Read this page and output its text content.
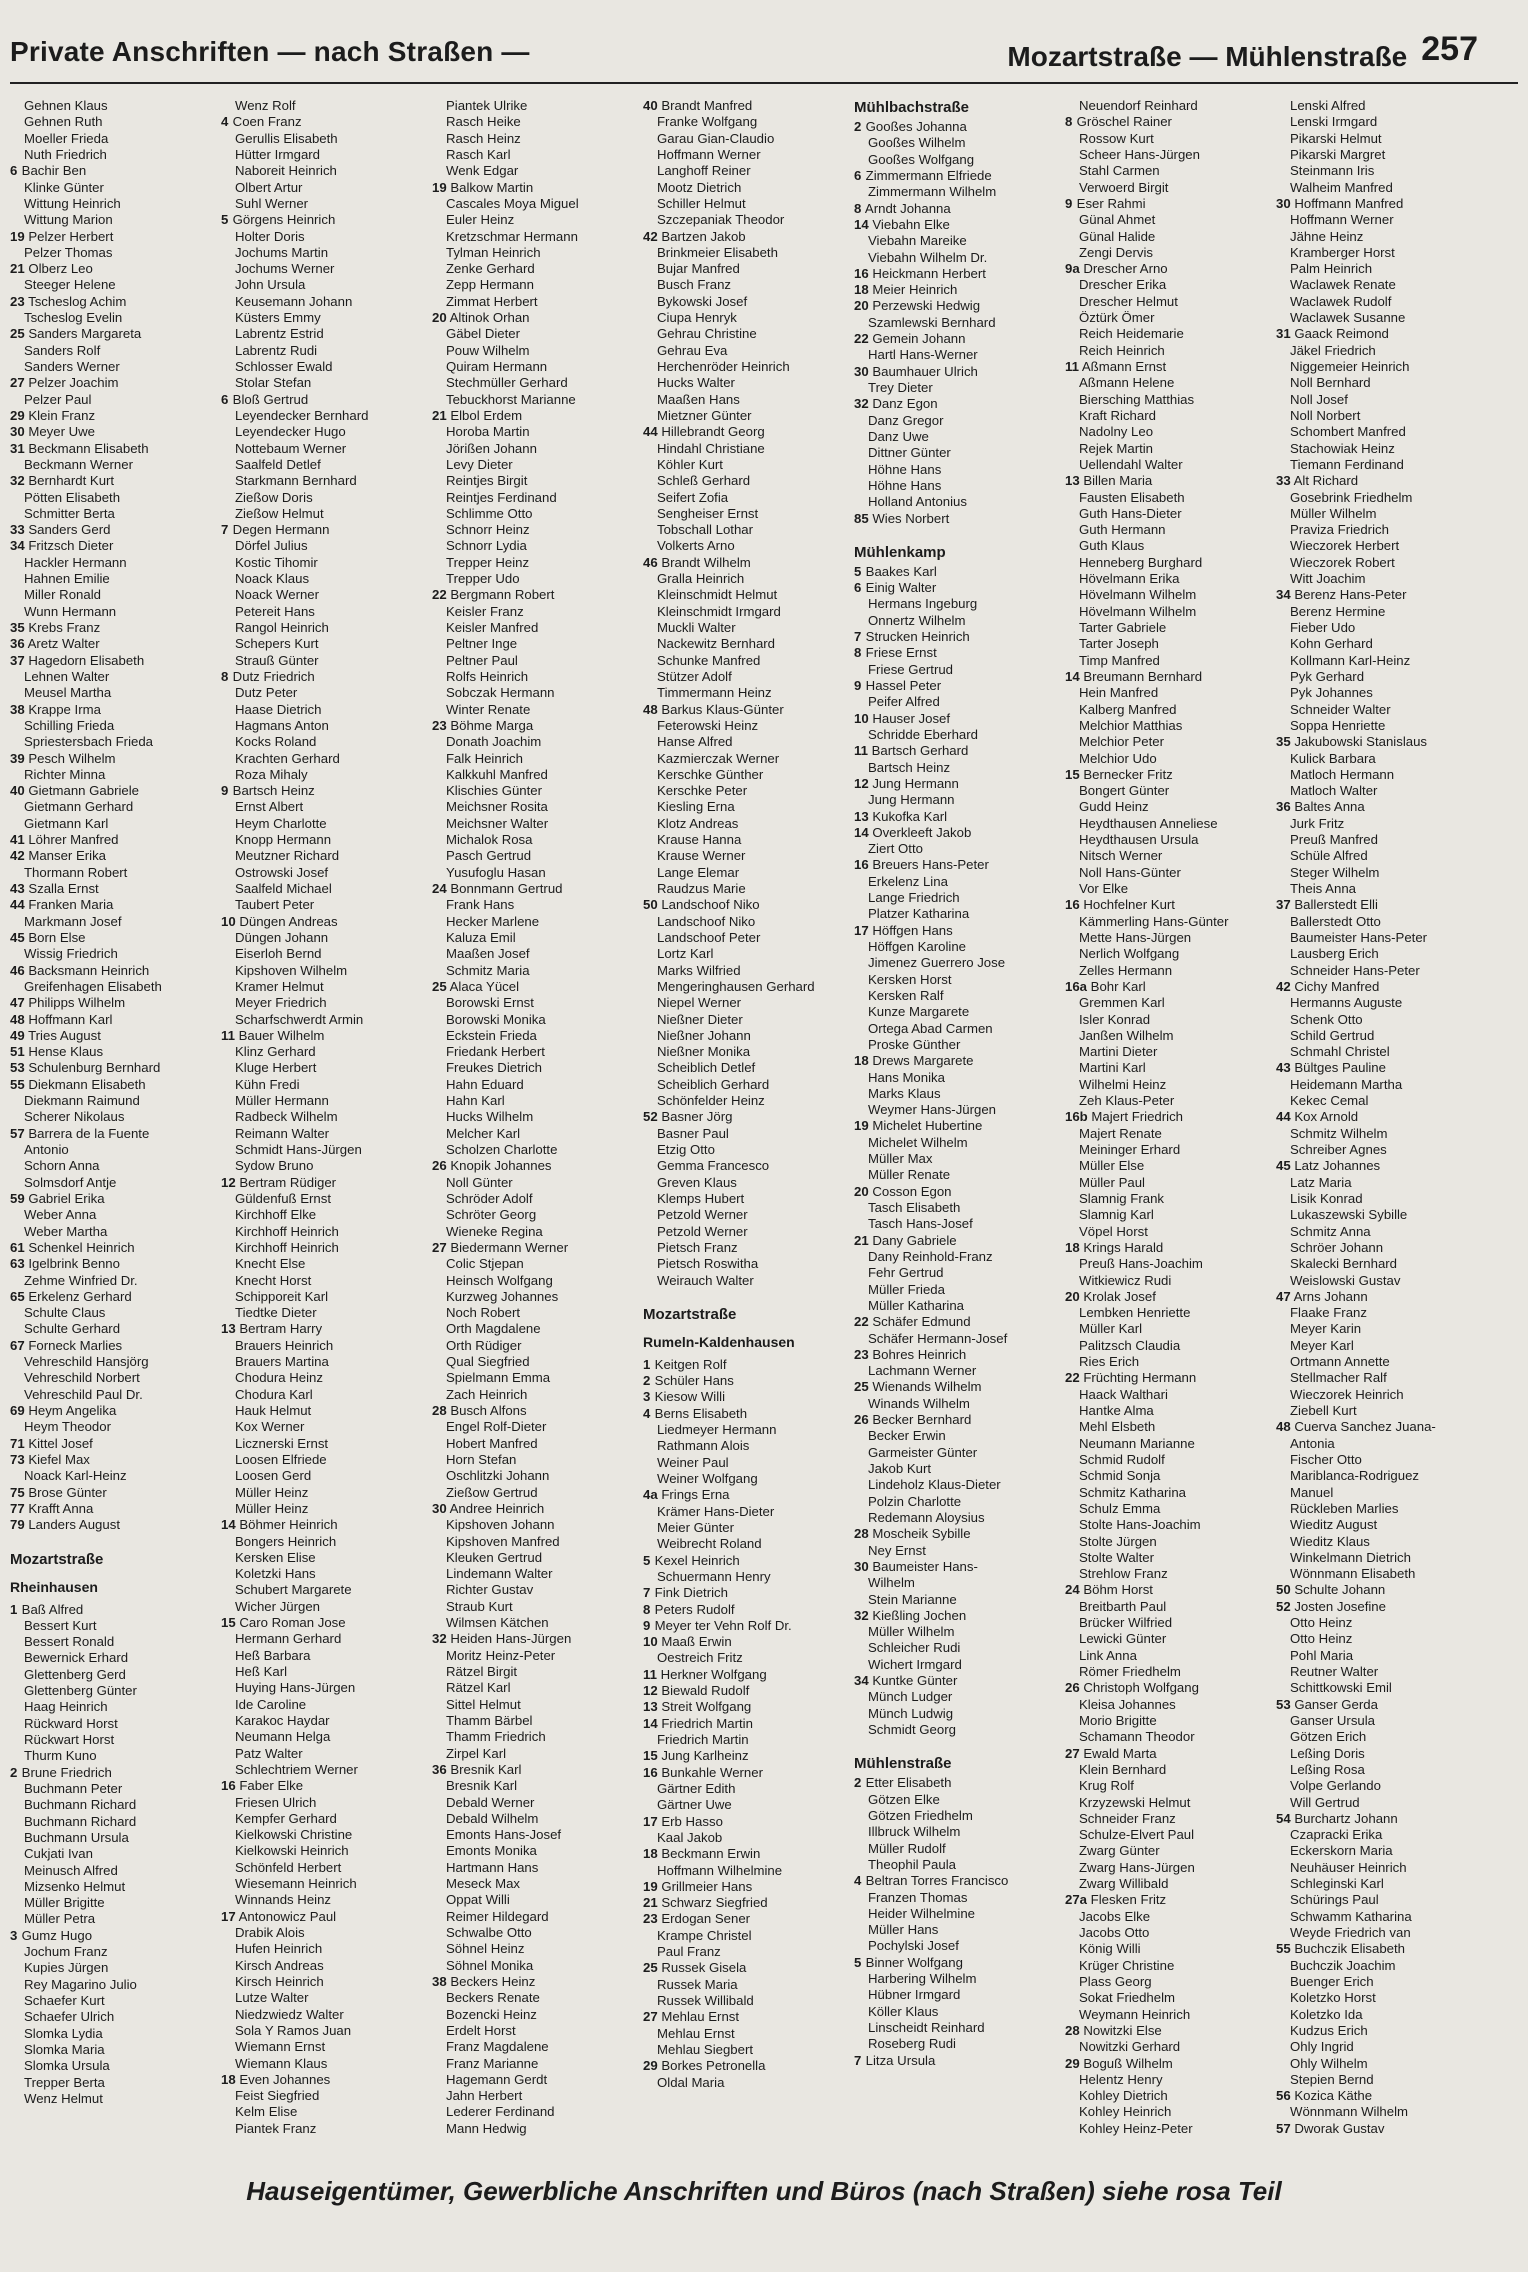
Private Anschriften — nach Straßen —	Mozartstraße — Mühlenstraße 257
Gehnen Klaus
Gehnen Ruth
Moeller Frieda
Nuth Friedrich
6 Bachir Ben
Klinke Günter
Wittung Heinrich
Wittung Marion
19 Pelzer Herbert
Pelzer Thomas
21 Olberz Leo
Steeger Helene
23 Tscheslog Achim
Tscheslog Evelin
25 Sanders Margareta
Sanders Rolf
Sanders Werner
27 Pelzer Joachim
Pelzer Paul
29 Klein Franz
30 Meyer Uwe
31 Beckmann Elisabeth
Beckmann Werner
32 Bernhardt Kurt
Pötten Elisabeth
Schmitter Berta
33 Sanders Gerd
34 Fritzsch Dieter
Hackler Hermann
Hahnen Emilie
Miller Ronald
Wunn Hermann
35 Krebs Franz
36 Aretz Walter
37 Hagedorn Elisabeth
Lehnen Walter
Meusel Martha
38 Krappe Irma
Schilling Frieda
Spriestersbach Frieda
39 Pesch Wilhelm
Richter Minna
40 Gietmann Gabriele
Gietmann Gerhard
Gietmann Karl
41 Löhrer Manfred
42 Manser Erika
Thormann Robert
43 Szalla Ernst
44 Franken Maria
Markmann Josef
45 Born Else
Wissig Friedrich
46 Backsmann Heinrich
Greifenhagen Elisabeth
47 Philipps Wilhelm
48 Hoffmann Karl
49 Tries August
51 Hense Klaus
53 Schulenburg Bernhard
55 Diekmann Elisabeth
Diekmann Raimund
Scherer Nikolaus
57 Barrera de la Fuente
Antonio
Schorn Anna
Solmsdorf Antje
59 Gabriel Erika
Weber Anna
Weber Martha
61 Schenkel Heinrich
63 Igelbrink Benno
Zehme Winfried Dr.
65 Erkelenz Gerhard
Schulte Claus
Schulte Gerhard
67 Forneck Marlies
Vehreschild Hansjörg
Vehreschild Norbert
Vehreschild Paul Dr.
69 Heym Angelika
Heym Theodor
71 Kittel Josef
73 Kiefel Max
Noack Karl-Heinz
75 Brose Günter
77 Krafft Anna
79 Landers August
Mozartstraße
Rheinhausen
1 Baß Alfred
Bessert Kurt
Bessert Ronald
Bewernick Erhard
Glettenberg Gerd
Glettenberg Günter
Haag Heinrich
Rückward Horst
Rückwart Horst
Thurm Kuno
2 Brune Friedrich
Buchmann Peter
Buchmann Richard
Buchmann Richard
Buchmann Ursula
Cukjati Ivan
Meinusch Alfred
Mizsenko Helmut
Müller Brigitte
Müller Petra
3 Gumz Hugo
Jochum Franz
Kupies Jürgen
Rey Magarino Julio
Schaefer Kurt
Schaefer Ulrich
Slomka Lydia
Slomka Maria
Slomka Ursula
Trepper Berta
Wenz Helmut
Wenz Rolf
4 Coen Franz
Gerullis Elisabeth
Hütter Irmgard
Naboreit Heinrich
Olbert Artur
Suhl Werner
5 Görgens Heinrich
Holter Doris
Jochums Martin
Jochums Werner
John Ursula
Keusemann Johann
Küsters Emmy
Labrentz Estrid
Labrentz Rudi
Schlosser Ewald
Stolar Stefan
6 Bloß Gertrud
Leyendecker Bernhard
Leyendecker Hugo
Nottebaum Werner
Saalfeld Detlef
Starkmann Bernhard
Zießow Doris
Zießow Helmut
7 Degen Hermann
Dörfel Julius
Kostic Tihomir
Noack Klaus
Noack Werner
Petereit Hans
Rangol Heinrich
Schepers Kurt
Strauß Günter
8 Dutz Friedrich
Dutz Peter
Haase Dietrich
Hagmans Anton
Kocks Roland
Krachten Gerhard
Roza Mihaly
9 Bartsch Heinz
Ernst Albert
Heym Charlotte
Knopp Hermann
Meutzner Richard
Ostrowski Josef
Saalfeld Michael
Taubert Peter
10 Düngen Andreas
Düngen Johann
Eiserloh Bernd
Kipshoven Wilhelm
Kramer Helmut
Meyer Friedrich
Scharfschwerdt Armin
11 Bauer Wilhelm
Klinz Gerhard
Kluge Herbert
Kühn Fredi
Müller Hermann
Radbeck Wilhelm
Reimann Walter
Schmidt Hans-Jürgen
Sydow Bruno
12 Bertram Rüdiger
Güldenfuß Ernst
Kirchhoff Elke
Kirchhoff Heinrich
Kirchhoff Heinrich
Knecht Else
Knecht Horst
Schipporeit Karl
Tiedtke Dieter
13 Bertram Harry
Brauers Heinrich
Brauers Martina
Chodura Heinz
Chodura Karl
Hauk Helmut
Kox Werner
Licznerski Ernst
Loosen Elfriede
Loosen Gerd
Müller Heinz
Müller Heinz
14 Böhmer Heinrich
Bongers Heinrich
Kersken Elise
Koletzki Hans
Schubert Margarete
Wicher Jürgen
15 Caro Roman Jose
Hermann Gerhard
Heß Barbara
Heß Karl
Huying Hans-Jürgen
Ide Caroline
Karakoc Haydar
Neumann Helga
Patz Walter
Schlechtriem Werner
16 Faber Elke
Friesen Ulrich
Kempfer Gerhard
Kielkowski Christine
Kielkowski Heinrich
Schönfeld Herbert
Wiesemann Heinrich
Winnands Heinz
17 Antonowicz Paul
Drabik Alois
Hufen Heinrich
Kirsch Andreas
Kirsch Heinrich
Lutze Walter
Niedzwiedz Walter
Sola Y Ramos Juan
Wiemann Ernst
Wiemann Klaus
18 Even Johannes
Feist Siegfried
Kelm Elise
Piantek Franz
Piantek Ulrike
Rasch Heike
Rasch Heinz
Rasch Karl
Wenk Edgar
19 Balkow Martin
Cascales Moya Miguel
Euler Heinz
Kretzschmar Hermann
Tylman Heinrich
Zenke Gerhard
Zepp Hermann
Zimmat Herbert
20 Altinok Orhan
Gäbel Dieter
Pouw Wilhelm
Quiram Hermann
Stechmüller Gerhard
Tebuckhorst Marianne
21 Elbol Erdem
Horoba Martin
Jörißen Johann
Levy Dieter
Reintjes Birgit
Reintjes Ferdinand
Schlimme Otto
Schnorr Heinz
Schnorr Lydia
Trepper Heinz
Trepper Udo
22 Bergmann Robert
Keisler Franz
Keisler Manfred
Peltner Inge
Peltner Paul
Rolfs Heinrich
Sobczak Hermann
Winter Renate
23 Böhme Marga
Donath Joachim
Falk Heinrich
Kalkkuhl Manfred
Klischies Günter
Meichsner Rosita
Meichsner Walter
Michalok Rosa
Pasch Gertrud
Yusufoglu Hasan
24 Bonnmann Gertrud
Frank Hans
Hecker Marlene
Kaluza Emil
Maaßen Josef
Schmitz Maria
25 Alaca Yücel
Borowski Ernst
Borowski Monika
Eckstein Frieda
Friedank Herbert
Freukes Dietrich
Hahn Eduard
Hahn Karl
Hucks Wilhelm
Melcher Karl
Scholzen Charlotte
26 Knopik Johannes
Noll Günter
Schröder Adolf
Schröter Georg
Wieneke Regina
27 Biedermann Werner
Colic Stjepan
Heinsch Wolfgang
Kurzweg Johannes
Noch Robert
Orth Magdalene
Orth Rüdiger
Qual Siegfried
Spielmann Emma
Zach Heinrich
28 Busch Alfons
Engel Rolf-Dieter
Hobert Manfred
Horn Stefan
Oschlitzki Johann
Zießow Gertrud
30 Andree Heinrich
Kipshoven Johann
Kipshoven Manfred
Kleuken Gertrud
Lindemann Walter
Richter Gustav
Straub Kurt
Wilmsen Kätchen
32 Heiden Hans-Jürgen
Moritz Heinz-Peter
Rätzel Birgit
Rätzel Karl
Sittel Helmut
Thamm Bärbel
Thamm Friedrich
Zirpel Karl
36 Bresnik Karl
Bresnik Karl
Debald Werner
Debald Wilhelm
Emonts Hans-Josef
Emonts Monika
Hartmann Hans
Meseck Max
Oppat Willi
Reimer Hildegard
Schwalbe Otto
Söhnel Heinz
Söhnel Monika
38 Beckers Heinz
Beckers Renate
Bozencki Heinz
Erdelt Horst
Franz Magdalene
Franz Marianne
Hagemann Gerdt
Jahn Herbert
Lederer Ferdinand
Mann Hedwig
40 Brandt Manfred
Franke Wolfgang
Garau Gian-Claudio
Hoffmann Werner
Langhoff Reiner
Mootz Dietrich
Schiller Helmut
Szczepaniak Theodor
42 Bartzen Jakob
Brinkmeier Elisabeth
Bujar Manfred
Busch Franz
Bykowski Josef
Ciupa Henryk
Gehrau Christine
Gehrau Eva
Herchenröder Heinrich
Hucks Walter
Maaßen Hans
Mietzner Günter
44 Hillebrandt Georg
Hindahl Christiane
Köhler Kurt
Schleß Gerhard
Seifert Zofia
Sengheiser Ernst
Tobschall Lothar
Volkerts Arno
46 Brandt Wilhelm
Gralla Heinrich
Kleinschmidt Helmut
Kleinschmidt Irmgard
Muckli Walter
Nackewitz Bernhard
Schunke Manfred
Stützer Adolf
Timmermann Heinz
48 Barkus Klaus-Günter
Feterowski Heinz
Hanse Alfred
Kazmierczak Werner
Kerschke Günther
Kerschke Peter
Kiesling Erna
Klotz Andreas
Krause Hanna
Krause Werner
Lange Elemar
Raudzus Marie
50 Landschoof Niko
Landschoof Niko
Landschoof Peter
Lortz Karl
Marks Wilfried
Mengeringhausen Gerhard
Niepel Werner
Nießner Dieter
Nießner Johann
Nießner Monika
Scheiblich Detlef
Scheiblich Gerhard
Schönfelder Heinz
52 Basner Jörg
Basner Paul
Etzig Otto
Gemma Francesco
Greven Klaus
Klemps Hubert
Petzold Werner
Petzold Werner
Pietsch Franz
Pietsch Roswitha
Weirauch Walter
Mozartstraße
Rumeln-Kaldenhausen
1 Keitgen Rolf
2 Schüler Hans
3 Kiesow Willi
4 Berns Elisabeth
Liedmeyer Hermann
Rathmann Alois
Weiner Paul
Weiner Wolfgang
4a Frings Erna
Krämer Hans-Dieter
Meier Günter
Weibrecht Roland
5 Kexel Heinrich
Schuermann Henry
7 Fink Dietrich
8 Peters Rudolf
9 Meyer ter Vehn Rolf Dr.
10 Maaß Erwin
Oestreich Fritz
11 Herkner Wolfgang
12 Biewald Rudolf
13 Streit Wolfgang
14 Friedrich Martin
Friedrich Martin
15 Jung Karlheinz
16 Bunkahle Werner
Gärtner Edith
Gärtner Uwe
17 Erb Hasso
Kaal Jakob
18 Beckmann Erwin
Hoffmann Wilhelmine
19 Grillmeier Hans
21 Schwarz Siegfried
23 Erdogan Sener
Krampe Christel
Paul Franz
25 Russek Gisela
Russek Maria
Russek Willibald
27 Mehlau Ernst
Mehlau Ernst
Mehlau Siegbert
29 Borkes Petronella
Oldal Maria
Mühlbachstraße
2 Gooßes Johanna
Gooßes Wilhelm
Gooßes Wolfgang
6 Zimmermann Elfriede
Zimmermann Wilhelm
8 Arndt Johanna
14 Viebahn Elke
Viebahn Mareike
Viebahn Wilhelm Dr.
16 Heickmann Herbert
18 Meier Heinrich
20 Perzewski Hedwig
Szamlewski Bernhard
22 Gemein Johann
Hartl Hans-Werner
30 Baumhauer Ulrich
Trey Dieter
32 Danz Egon
Danz Gregor
Danz Uwe
Dittner Günter
Höhne Hans
Höhne Hans
Holland Antonius
85 Wies Norbert
Mühlenkamp
5 Baakes Karl
6 Einig Walter
Hermans Ingeburg
Onnertz Wilhelm
7 Strucken Heinrich
8 Friese Ernst
Friese Gertrud
9 Hassel Peter
Peifer Alfred
10 Hauser Josef
Schridde Eberhard
11 Bartsch Gerhard
Bartsch Heinz
12 Jung Hermann
Jung Hermann
13 Kukofka Karl
14 Overkleeft Jakob
Ziert Otto
16 Breuers Hans-Peter
Erkelenz Lina
Lange Friedrich
Platzer Katharina
17 Höffgen Hans
Höffgen Karoline
Jimenez Guerrero Jose
Kersken Horst
Kersken Ralf
Kunze Margarete
Ortega Abad Carmen
Proske Günther
18 Drews Margarete
Hans Monika
Marks Klaus
Weymer Hans-Jürgen
19 Michelet Hubertine
Michelet Wilhelm
Müller Max
Müller Renate
20 Cosson Egon
Tasch Elisabeth
Tasch Hans-Josef
21 Dany Gabriele
Dany Reinhold-Franz
Fehr Gertrud
Müller Frieda
Müller Katharina
22 Schäfer Edmund
Schäfer Hermann-Josef
23 Bohres Heinrich
Lachmann Werner
25 Wienands Wilhelm
Winands Wilhelm
26 Becker Bernhard
Becker Erwin
Garmeister Günter
Jakob Kurt
Lindeholz Klaus-Dieter
Polzin Charlotte
Redemann Aloysius
28 Moscheik Sybille
Ney Ernst
30 Baumeister Hans-
Wilhelm
Stein Marianne
32 Kießling Jochen
Müller Wilhelm
Schleicher Rudi
Wichert Irmgard
34 Kuntke Günter
Münch Ludger
Münch Ludwig
Schmidt Georg
Mühlenstraße
2 Etter Elisabeth
Götzen Elke
Götzen Friedhelm
Illbruck Wilhelm
Müller Rudolf
Theophil Paula
4 Beltran Torres Francisco
Franzen Thomas
Heider Wilhelmine
Müller Hans
Pochylski Josef
5 Binner Wolfgang
Harbering Wilhelm
Hübner Irmgard
Köller Klaus
Linscheidt Reinhard
Roseberg Rudi
7 Litza Ursula
Neuendorf Reinhard
8 Gröschel Rainer
Rossow Kurt
Scheer Hans-Jürgen
Stahl Carmen
Verwoerd Birgit
9 Eser Rahmi
Günal Ahmet
Günal Halide
Zengi Dervis
9a Drescher Arno
Drescher Erika
Drescher Helmut
Öztürk Ömer
Reich Heidemarie
Reich Heinrich
11 Aßmann Ernst
Aßmann Helene
Biersching Matthias
Kraft Richard
Nadolny Leo
Rejek Martin
Uellendahl Walter
13 Billen Maria
Fausten Elisabeth
Guth Hans-Dieter
Guth Hermann
Guth Klaus
Henneberg Burghard
Hövelmann Erika
Hövelmann Wilhelm
Hövelmann Wilhelm
Tarter Gabriele
Tarter Joseph
Timp Manfred
14 Breumann Bernhard
Hein Manfred
Kalberg Manfred
Melchior Matthias
Melchior Peter
Melchior Udo
15 Bernecker Fritz
Bongert Günter
Gudd Heinz
Heydthausen Anneliese
Heydthausen Ursula
Nitsch Werner
Noll Hans-Günter
Vor Elke
16 Hochfelner Kurt
Kämmerling Hans-Günter
Mette Hans-Jürgen
Nerlich Wolfgang
Zelles Hermann
16a Bohr Karl
Gremmen Karl
Isler Konrad
Janßen Wilhelm
Martini Dieter
Martini Karl
Wilhelmi Heinz
Zeh Klaus-Peter
16b Majert Friedrich
Majert Renate
Meininger Erhard
Müller Else
Müller Paul
Slamnig Frank
Slamnig Karl
Vöpel Horst
18 Krings Harald
Preuß Hans-Joachim
Witkiewicz Rudi
20 Krolak Josef
Lembken Henriette
Müller Karl
Palitzsch Claudia
Ries Erich
22 Früchting Hermann
Haack Walthari
Hantke Alma
Mehl Elsbeth
Neumann Marianne
Schmid Rudolf
Schmid Sonja
Schmitz Katharina
Schulz Emma
Stolte Hans-Joachim
Stolte Jürgen
Stolte Walter
Strehlow Franz
24 Böhm Horst
Breitbarth Paul
Brücker Wilfried
Lewicki Günter
Link Anna
Römer Friedhelm
26 Christoph Wolfgang
Kleisa Johannes
Morio Brigitte
Schamann Theodor
27 Ewald Marta
Klein Bernhard
Krug Rolf
Krzyzewski Helmut
Schneider Franz
Schulze-Elvert Paul
Zwarg Günter
Zwarg Hans-Jürgen
Zwarg Willibald
27a Flesken Fritz
Jacobs Elke
Jacobs Otto
König Willi
Krüger Christine
Plass Georg
Sokat Friedhelm
Weymann Heinrich
28 Nowitzki Else
Nowitzki Gerhard
29 Boguß Wilhelm
Helentz Henry
Kohley Dietrich
Kohley Heinrich
Kohley Heinz-Peter
Lenski Alfred
Lenski Irmgard
Pikarski Helmut
Pikarski Margret
Steinmann Iris
Walheim Manfred
30 Hoffmann Manfred
Hoffmann Werner
Jähne Heinz
Kramberger Horst
Palm Heinrich
Waclawek Renate
Waclawek Rudolf
Waclawek Susanne
31 Gaack Reimond
Jäkel Friedrich
Niggemeier Heinrich
Noll Bernhard
Noll Josef
Noll Norbert
Schombert Manfred
Stachowiak Heinz
Tiemann Ferdinand
33 Alt Richard
Gosebrink Friedhelm
Müller Wilhelm
Praviza Friedrich
Wieczorek Herbert
Wieczorek Robert
Witt Joachim
34 Berenz Hans-Peter
Berenz Hermine
Fieber Udo
Kohn Gerhard
Kollmann Karl-Heinz
Pyk Gerhard
Pyk Johannes
Schneider Walter
Soppa Henriette
35 Jakubowski Stanislaus
Kulick Barbara
Matloch Hermann
Matloch Walter
36 Baltes Anna
Jurk Fritz
Preuß Manfred
Schüle Alfred
Steger Wilhelm
Theis Anna
37 Ballerstedt Elli
Ballerstedt Otto
Baumeister Hans-Peter
Lausberg Erich
Schneider Hans-Peter
42 Cichy Manfred
Hermanns Auguste
Schenk Otto
Schild Gertrud
Schmahl Christel
43 Bültges Pauline
Heidemann Martha
Kekec Cemal
44 Kox Arnold
Schmitz Wilhelm
Schreiber Agnes
45 Latz Johannes
Latz Maria
Lisik Konrad
Lukaszewski Sybille
Schmitz Anna
Schröer Johann
Skalecki Bernhard
Weislowski Gustav
47 Arns Johann
Flaake Franz
Meyer Karin
Meyer Karl
Ortmann Annette
Stellmacher Ralf
Wieczorek Heinrich
Ziebell Kurt
48 Cuerva Sanchez Juana-
Antonia
Fischer Otto
Mariblanca-Rodriguez
Manuel
Rückleben Marlies
Wieditz August
Wieditz Klaus
Winkelmann Dietrich
Wönnmann Elisabeth
50 Schulte Johann
52 Josten Josefine
Otto Heinz
Otto Heinz
Pohl Maria
Reutner Walter
Schittkowski Emil
53 Ganser Gerda
Ganser Ursula
Götzen Erich
Leßing Doris
Leßing Rosa
Volpe Gerlando
Will Gertrud
54 Burchartz Johann
Czapracki Erika
Eckerskorn Maria
Neuhäuser Heinrich
Schleginski Karl
Schürings Paul
Schwamm Katharina
Weyde Friedrich van
55 Buchczik Elisabeth
Buchczik Joachim
Buenger Erich
Koletzko Horst
Koletzko Ida
Kudzus Erich
Ohly Ingrid
Ohly Wilhelm
Stepien Bernd
56 Kozica Käthe
Wönnmann Wilhelm
57 Dworak Gustav
Hauseigentümer, Gewerbliche Anschriften und Büros (nach Straßen) siehe rosa Teil
